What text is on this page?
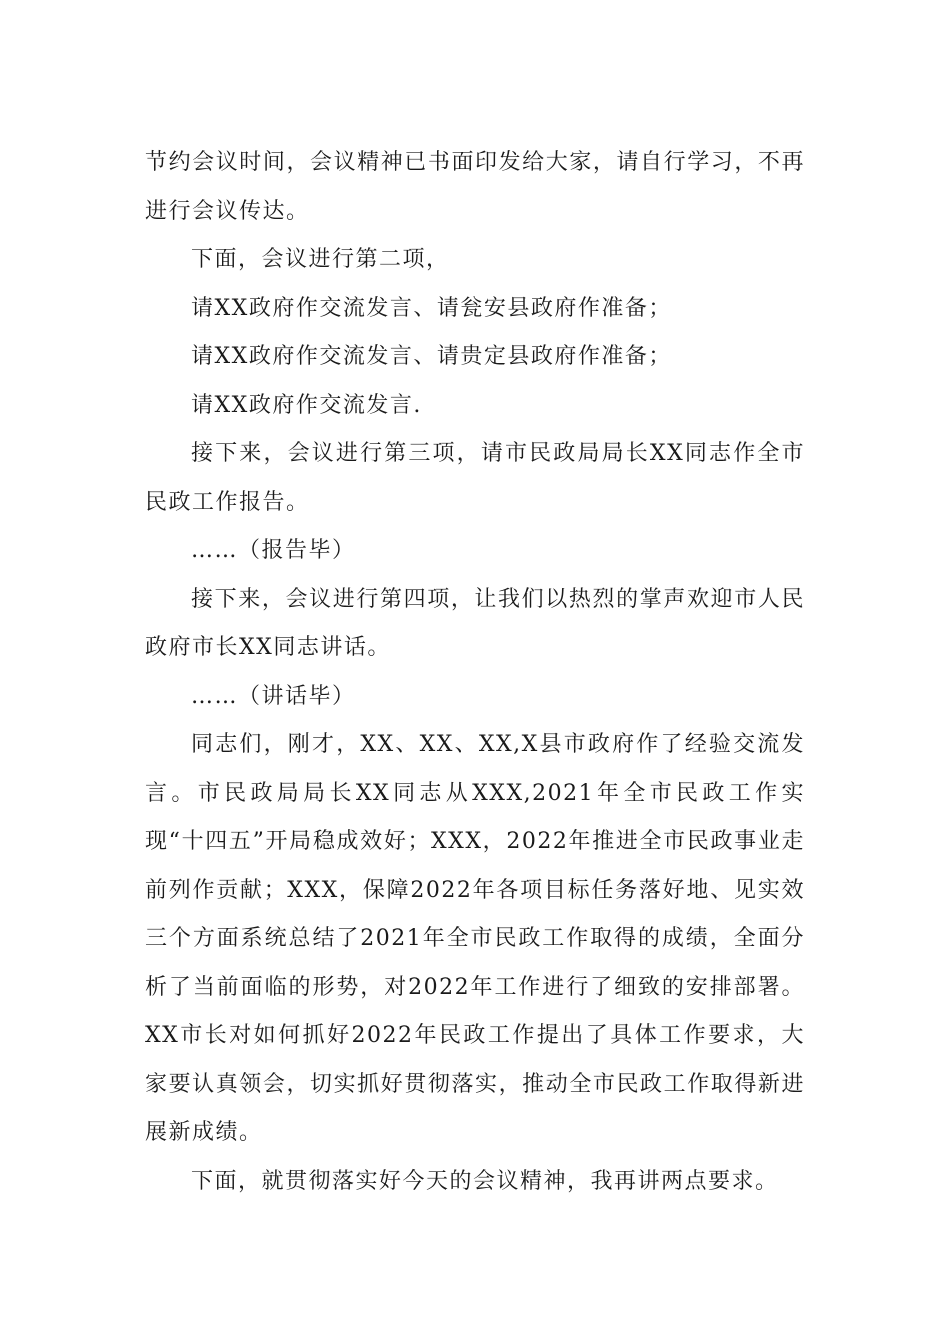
节约会议时间，会议精神已书面印发给大家，请自行学习，不再进行会议传达。

下面，会议进行第二项，

请XX政府作交流发言、请瓮安县政府作准备；

请XX政府作交流发言、请贵定县政府作准备；

请XX政府作交流发言.

接下来，会议进行第三项，请市民政局局长XX同志作全市民政工作报告。

……（报告毕）

接下来，会议进行第四项，让我们以热烈的掌声欢迎市人民政府市长XX同志讲话。

……（讲话毕）

同志们，刚才，XX、XX、XX,X县市政府作了经验交流发言。市民政局局长XX同志从XXX,2021年全市民政工作实现“十四五”开局稳成效好；XXX，2022年推进全市民政事业走前列作贡献；XXX，保障2022年各项目标任务落好地、见实效三个方面系统总结了2021年全市民政工作取得的成绩，全面分析了当前面临的形势，对2022年工作进行了细致的安排部署。XX市长对如何抓好2022年民政工作提出了具体工作要求，大家要认真领会，切实抓好贯彻落实，推动全市民政工作取得新进展新成绩。

下面，就贯彻落实好今天的会议精神，我再讲两点要求。
